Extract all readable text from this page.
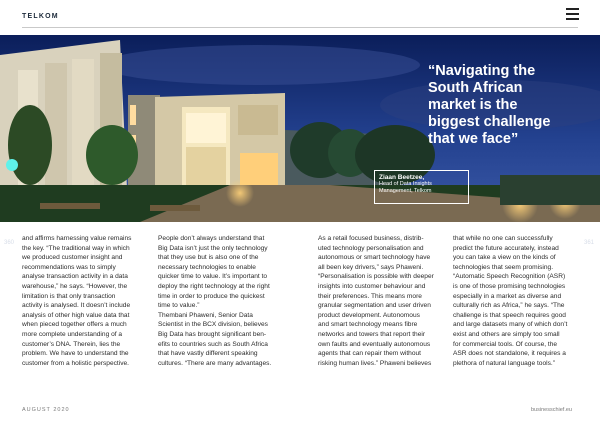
TELKOM
360	361
“Navigating the
South African
market is the
biggest challenge
that we face”
Ziaan Beetzee,
Head of Data Insights
Management, Telkom
and affirms harnessing value remains
the key. “The traditional way in which
we produced customer insight and
recommendations was to simply
analyse transaction activity in a data
warehouse,” he says. “However, the
limitation is that only transaction
activity is analysed. It doesn’t include
analysis of other high value data that
when pieced together offers a much
more complete understanding of a
customer’s DNA. Therein, lies the
problem. We have to understand the
customer from a holistic perspective.
People don’t always understand that
Big Data isn’t just the only technology
that they use but is also one of the
necessary technologies to enable
quicker time to value. It’s important to
deploy the right technology at the right
time in order to produce the quickest
time to value.”
Thembani Phaweni, Senior Data
Scientist in the BCX division, believes
Big Data has brought significant ben-
efits to countries such as South Africa
that have vastly different speaking
cultures. “There are many advantages.
As a retail focused business, distrib-
uted technology personalisation and
autonomous or smart technology have
all been key drivers,” says Phaweni.
“Personalisation is possible with deeper
insights into customer behaviour and
their preferences. This means more
granular segmentation and user driven
product development. Autonomous
and smart technology means fibre
networks and towers that report their
own faults and eventually autonomous
agents that can repair them without
risking human lives.” Phaweni believes
that while no one can successfully
predict the future accurately, instead
you can take a view on the kinds of
technologies that seem promising.
“Automatic Speech Recognition (ASR)
is one of those promising technologies
especially in a market as diverse and
culturally rich as Africa,” he says. “The
challenge is that speech requires good
and large datasets many of which don’t
exist and others are simply too small
for commercial tools. Of course, the
ASR does not standalone, it requires a
plethora of natural language tools.”
AUGUST 2020	businesschief.eu
